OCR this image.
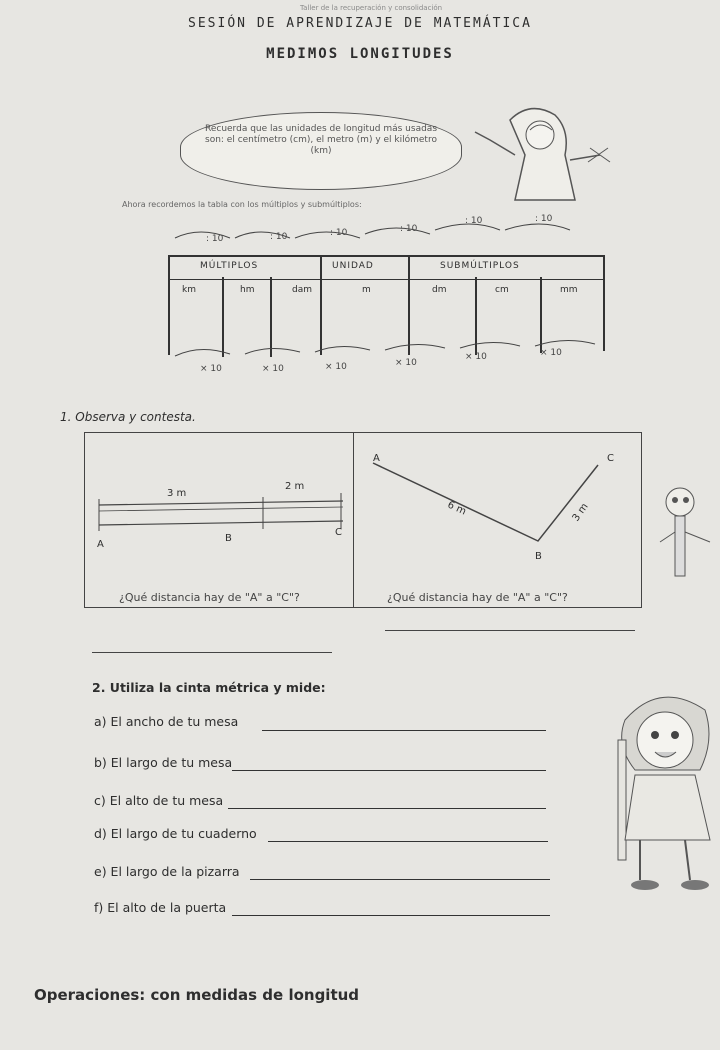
Taller de la recuperación y consolidación
SESIÓN DE APRENDIZAJE DE MATEMÁTICA
MEDIMOS LONGITUDES
Recuerda que las unidades de longitud más usadas son: el centímetro (cm), el metro (m) y el kilómetro (km)
Ahora recordemos la tabla con los múltiplos y submúltiplos:
: 10	: 10	: 10	: 10
: 10	: 10
MÚLTIPLOS	UNIDAD	SUBMÚLTIPLOS
km	hm	dam	m	dm	cm	mm
× 10	× 10	× 10	× 10
× 10	× 10
1. Observa y contesta.
3 m
2 m
A
B
C
¿Qué distancia hay de "A" a "C"?
A	C
B
6 m	3 m
¿Qué distancia hay de "A" a "C"?
2. Utiliza la cinta métrica y mide:
a) El ancho de tu mesa
b) El largo de tu mesa
c) El alto de tu mesa
d) El largo de tu cuaderno
e) El largo de la pizarra
f) El alto de la puerta
Operaciones: con medidas de longitud
